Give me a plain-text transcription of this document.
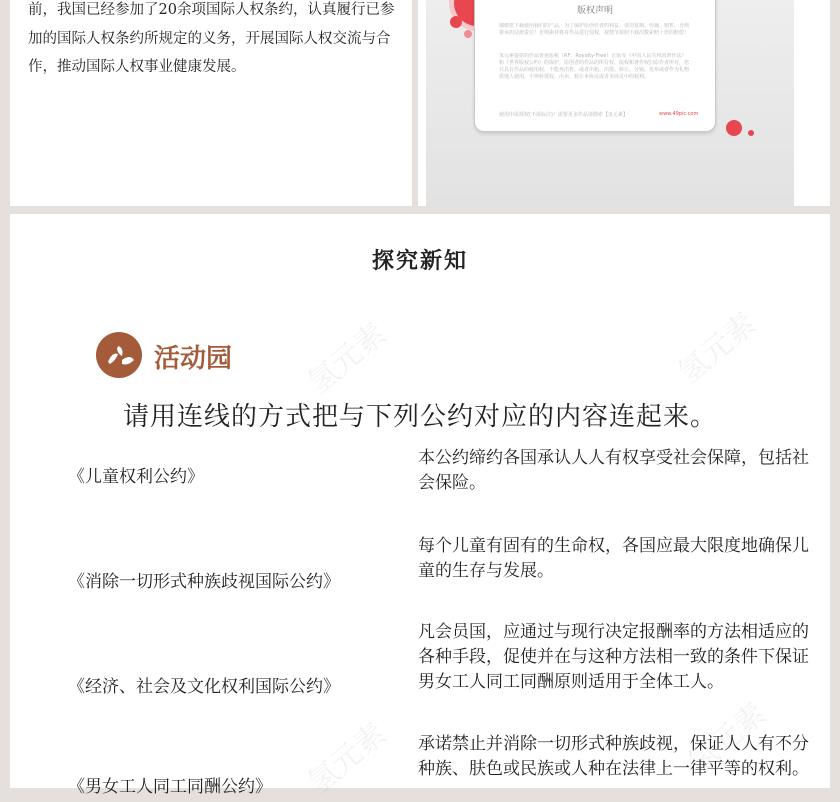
前，我国已经参加了20余项国际人权条约，认真履行已参加的国际人权条约所规定的义务，开展国际人权交流与合作，推动国际人权事业健康发展。
版权声明
感谢您下载使用我们的产品，为了保护原创作者的利益，请勿复制、传播、销售，否则将承担法律责任！否则素材将对作品进行侵权，视情节按照下载次数索赔十倍的赔偿！
氢元素提供的作品皆免版税（RF：Royalty-Free）正版受《中国人民共和国著作法》和《世界版权公约》的保护，原创者的作品的所有权、版权和著作权归原作者所有，您只具有作品的使用权，不能再出售，或者出租、出借、转让、分销、发布或者作为礼物供他人使用，不得转授权、出卖、转让本协议或者本协议中的权利。
使用中需授权(不需标注)！需要更多作品请搜索【氢元素】	www.49pic.com
氢元素	氢元素
氢元素	氢元素
探究新知
活动园
请用连线的方式把与下列公约对应的内容连起来。
《儿童权利公约》
《消除一切形式种族歧视国际公约》
《经济、社会及文化权利国际公约》
《男女工人同工同酬公约》
本公约缔约各国承认人人有权享受社会保障，包括社会保险。
每个儿童有固有的生命权，各国应最大限度地确保儿童的生存与发展。
凡会员国，应通过与现行决定报酬率的方法相适应的各种手段，促使并在与这种方法相一致的条件下保证男女工人同工同酬原则适用于全体工人。
承诺禁止并消除一切形式种族歧视，保证人人有不分种族、肤色或民族或人种在法律上一律平等的权利。
